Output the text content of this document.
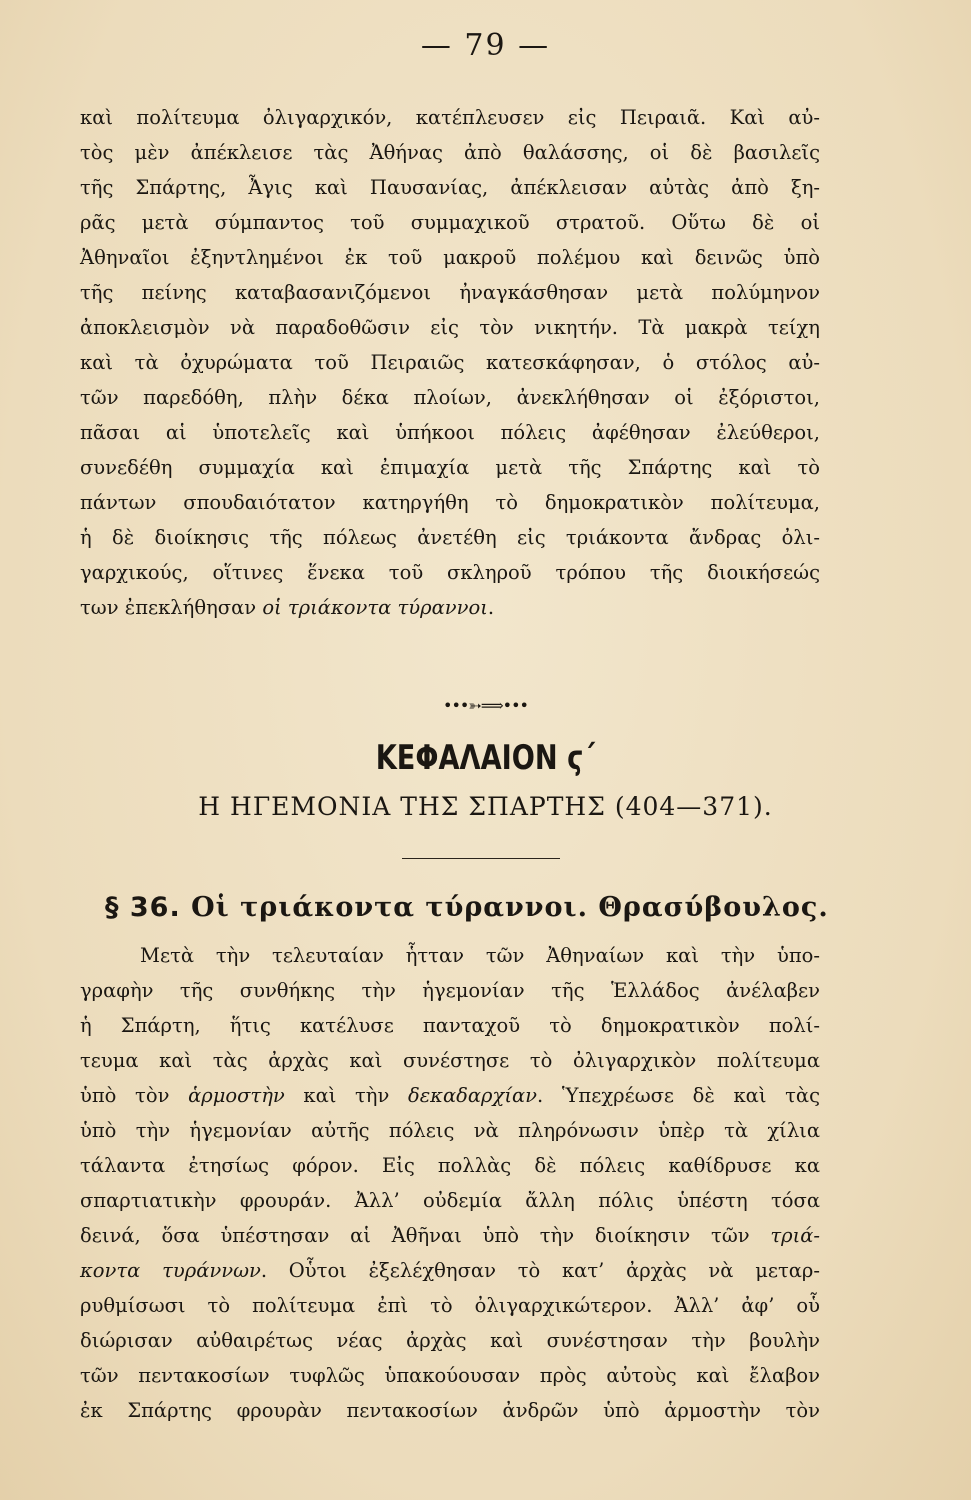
— 79 —
καὶ πολίτευμα ὀλιγαρχικόν, κατέπλευσεν εἰς Πειραιᾶ. Καὶ αὐ-
τὸς μὲν ἀπέκλεισε τὰς Ἀθήνας ἀπὸ θαλάσσης, οἱ δὲ βασιλεῖς
τῆς Σπάρτης, Ἆγις καὶ Παυσανίας, ἀπέκλεισαν αὐτὰς ἀπὸ ξη-
ρᾶς μετὰ σύμπαντος τοῦ συμμαχικοῦ στρατοῦ. Οὕτω δὲ οἱ
Ἀθηναῖοι ἐξηντλημένοι ἐκ τοῦ μακροῦ πολέμου καὶ δεινῶς ὑπὸ
τῆς πείνης καταβασανιζόμενοι ἠναγκάσθησαν μετὰ πολύμηνον
ἀποκλεισμὸν νὰ παραδοθῶσιν εἰς τὸν νικητήν. Τὰ μακρὰ τείχη
καὶ τὰ ὀχυρώματα τοῦ Πειραιῶς κατεσκάφησαν, ὁ στόλος αὐ-
τῶν παρεδόθη, πλὴν δέκα πλοίων, ἀνεκλήθησαν οἱ ἐξόριστοι,
πᾶσαι αἱ ὑποτελεῖς καὶ ὑπήκοοι πόλεις ἀφέθησαν ἐλεύθεροι,
συνεδέθη συμμαχία καὶ ἐπιμαχία μετὰ τῆς Σπάρτης καὶ τὸ
πάντων σπουδαιότατον κατηργήθη τὸ δημοκρατικὸν πολίτευμα,
ἡ δὲ διοίκησις τῆς πόλεως ἀνετέθη εἰς τριάκοντα ἄνδρας ὀλι-
γαρχικούς, οἵτινες ἕνεκα τοῦ σκληροῦ τρόπου τῆς διοικήσεώς
των ἐπεκλήθησαν οἱ τριάκοντα τύραννοι.
•••➳⟹•••
ΚΕΦΑΛΑΙΟΝ ϛ΄
Η ΗΓΕΜΟΝΙΑ ΤΗΣ ΣΠΑΡΤΗΣ (404—371).
§ 36. Οἱ τριάκοντα τύραννοι. Θρασύβουλος.
Μετὰ τὴν τελευταίαν ἧτταν τῶν Ἀθηναίων καὶ τὴν ὑπο-
γραφὴν τῆς συνθήκης τὴν ἡγεμονίαν τῆς Ἑλλάδος ἀνέλαβεν
ἡ Σπάρτη, ἥτις κατέλυσε πανταχοῦ τὸ δημοκρατικὸν πολί-
τευμα καὶ τὰς ἀρχὰς καὶ συνέστησε τὸ ὀλιγαρχικὸν πολίτευμα
ὑπὸ τὸν ἁρμοστὴν καὶ τὴν δεκαδαρχίαν. Ὑπεχρέωσε δὲ καὶ τὰς
ὑπὸ τὴν ἡγεμονίαν αὐτῆς πόλεις νὰ πληρόνωσιν ὑπὲρ τὰ χίλια
τάλαντα ἐτησίως φόρον. Εἰς πολλὰς δὲ πόλεις καθίδρυσε κα
σπαρτιατικὴν φρουράν. Ἀλλ’ οὐδεμία ἄλλη πόλις ὑπέστη τόσα
δεινά, ὅσα ὑπέστησαν αἱ Ἀθῆναι ὑπὸ τὴν διοίκησιν τῶν τριά-
κοντα τυράννων. Οὗτοι ἐξελέχθησαν τὸ κατ’ ἀρχὰς νὰ μεταρ-
ρυθμίσωσι τὸ πολίτευμα ἐπὶ τὸ ὀλιγαρχικώτερον. Ἀλλ’ ἀφ’ οὗ
διώρισαν αὐθαιρέτως νέας ἀρχὰς καὶ συνέστησαν τὴν βουλὴν
τῶν πεντακοσίων τυφλῶς ὑπακούουσαν πρὸς αὐτοὺς καὶ ἔλαβον
ἐκ Σπάρτης φρουρὰν πεντακοσίων ἀνδρῶν ὑπὸ ἁρμοστὴν τὸν
